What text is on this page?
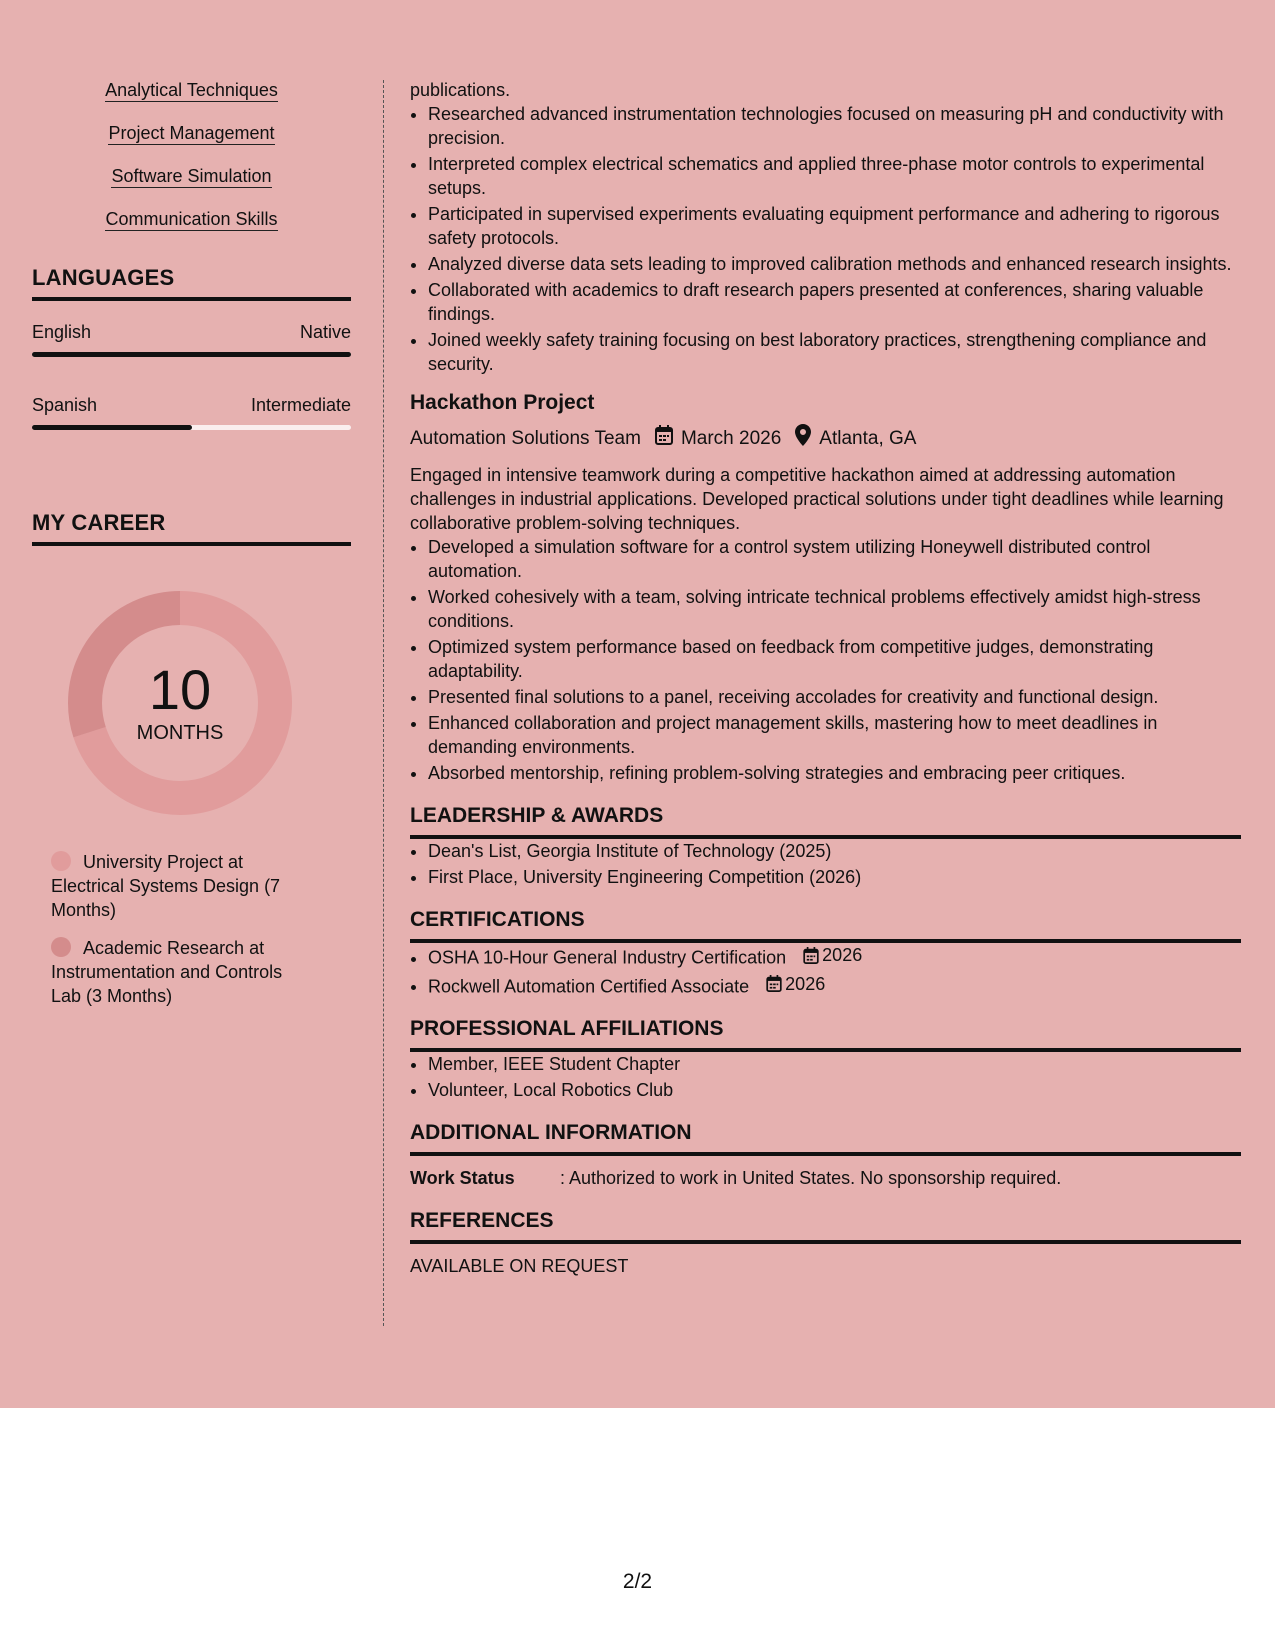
Analytical Techniques
Project Management
Software Simulation
Communication Skills
LANGUAGES
English	Native
Spanish	Intermediate
MY CAREER
10
MONTHS
University Project at Electrical Systems Design (7 Months)
Academic Research at Instrumentation and Controls Lab (3 Months)
publications.
• Researched advanced instrumentation technologies focused on measuring pH and conductivity with precision.
• Interpreted complex electrical schematics and applied three-phase motor controls to experimental setups.
• Participated in supervised experiments evaluating equipment performance and adhering to rigorous safety protocols.
• Analyzed diverse data sets leading to improved calibration methods and enhanced research insights.
• Collaborated with academics to draft research papers presented at conferences, sharing valuable findings.
• Joined weekly safety training focusing on best laboratory practices, strengthening compliance and security.
Hackathon Project
Automation Solutions Team March 2026 Atlanta, GA
Engaged in intensive teamwork during a competitive hackathon aimed at addressing automation challenges in industrial applications. Developed practical solutions under tight deadlines while learning collaborative problem-solving techniques.
• Developed a simulation software for a control system utilizing Honeywell distributed control automation.
• Worked cohesively with a team, solving intricate technical problems effectively amidst high-stress conditions.
• Optimized system performance based on feedback from competitive judges, demonstrating adaptability.
• Presented final solutions to a panel, receiving accolades for creativity and functional design.
• Enhanced collaboration and project management skills, mastering how to meet deadlines in demanding environments.
• Absorbed mentorship, refining problem-solving strategies and embracing peer critiques.
LEADERSHIP & AWARDS
• Dean's List, Georgia Institute of Technology (2025)
• First Place, University Engineering Competition (2026)
CERTIFICATIONS
• OSHA 10-Hour General Industry Certification 2026
• Rockwell Automation Certified Associate 2026
PROFESSIONAL AFFILIATIONS
• Member, IEEE Student Chapter
• Volunteer, Local Robotics Club
ADDITIONAL INFORMATION
Work Status	: Authorized to work in United States. No sponsorship required.
REFERENCES
AVAILABLE ON REQUEST
2/2
